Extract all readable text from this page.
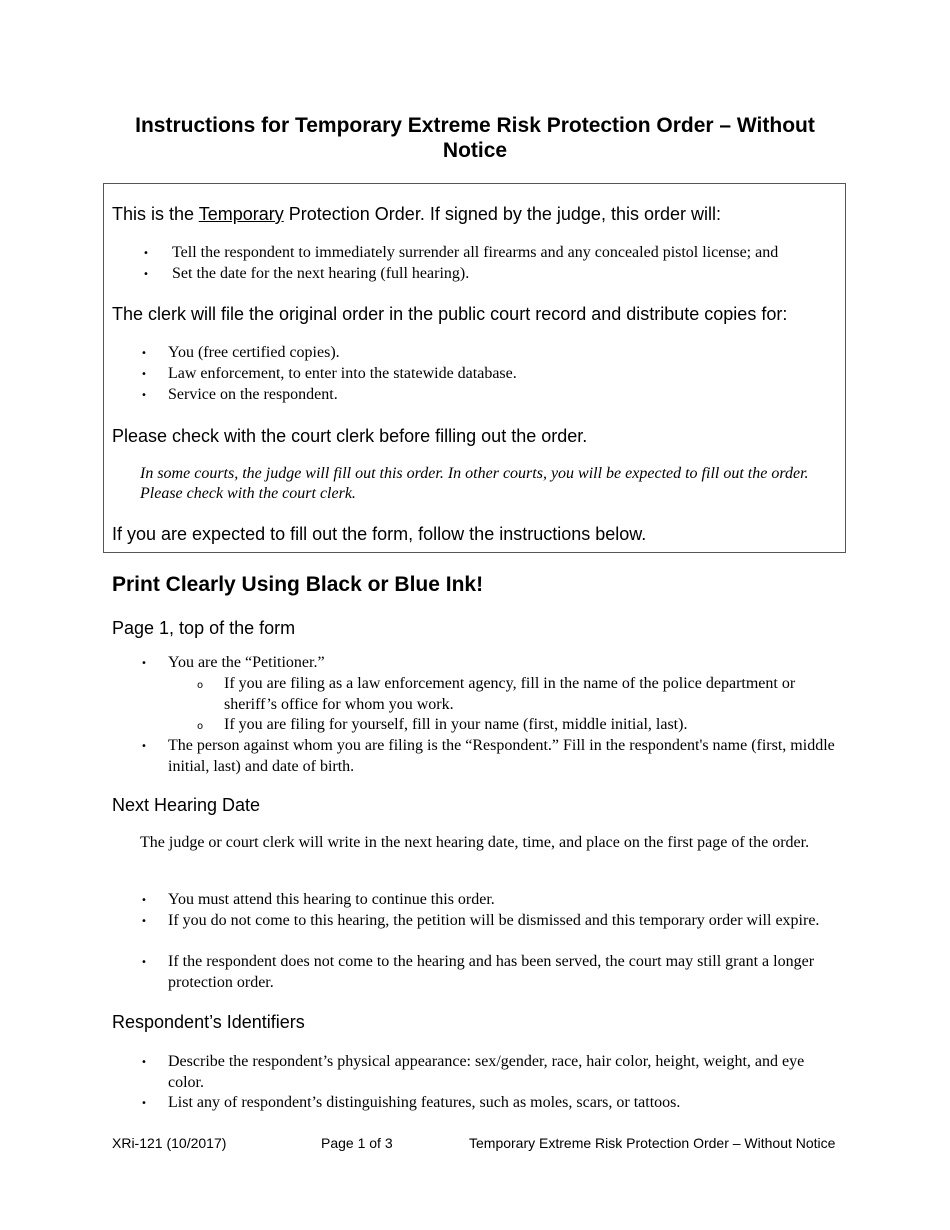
Instructions for Temporary Extreme Risk Protection Order – Without Notice

This is the Temporary Protection Order. If signed by the judge, this order will:

• Tell the respondent to immediately surrender all firearms and any concealed pistol license; and
• Set the date for the next hearing (full hearing).

The clerk will file the original order in the public court record and distribute copies for:

• You (free certified copies).
• Law enforcement, to enter into the statewide database.
• Service on the respondent.

Please check with the court clerk before filling out the order.

In some courts, the judge will fill out this order. In other courts, you will be expected to fill out the order. Please check with the court clerk.

If you are expected to fill out the form, follow the instructions below.

Print Clearly Using Black or Blue Ink!
Page 1, top of the form
• You are the “Petitioner.”
o If you are filing as a law enforcement agency, fill in the name of the police department or sheriff’s office for whom you work.
o If you are filing for yourself, fill in your name (first, middle initial, last).
• The person against whom you are filing is the “Respondent.” Fill in the respondent's name (first, middle initial, last) and date of birth.
Next Hearing Date

The judge or court clerk will write in the next hearing date, time, and place on the first page of the order.

• You must attend this hearing to continue this order.
• If you do not come to this hearing, the petition will be dismissed and this temporary order will expire.
• If the respondent does not come to the hearing and has been served, the court may still grant a longer protection order.
Respondent’s Identifiers
• Describe the respondent’s physical appearance: sex/gender, race, hair color, height, weight, and eye color.
• List any of respondent’s distinguishing features, such as moles, scars, or tattoos.
XRi-121 (10/2017)	Page 1 of 3	Temporary Extreme Risk Protection Order – Without Notice
